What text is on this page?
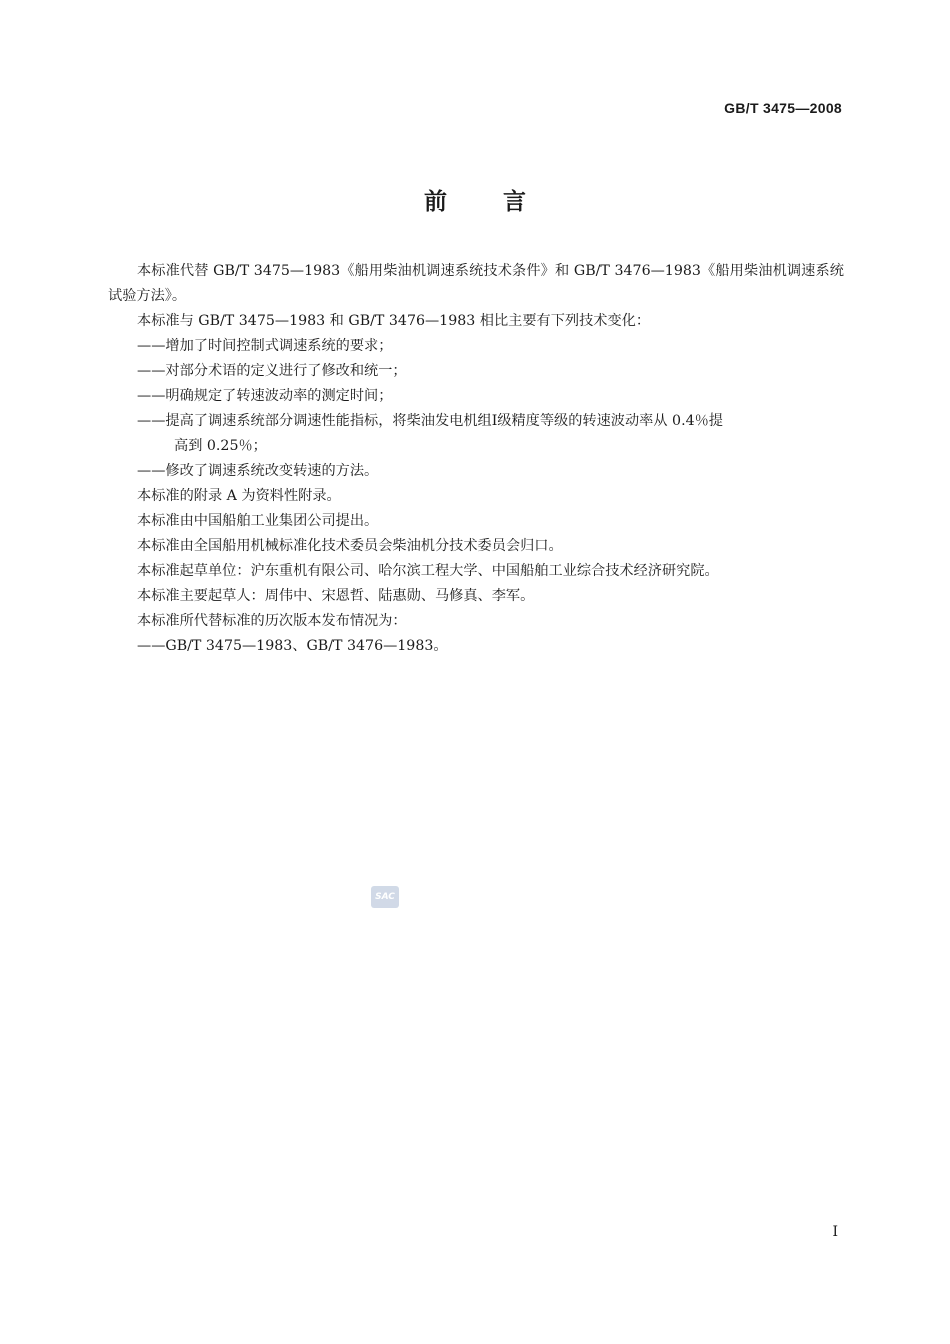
GB/T 3475—2008
前言

本标准代替 GB/T 3475—1983《船用柴油机调速系统技术条件》和 GB/T 3476—1983《船用柴油机调速系统试验方法》。

本标准与 GB/T 3475—1983 和 GB/T 3476—1983 相比主要有下列技术变化：

——增加了时间控制式调速系统的要求；

——对部分术语的定义进行了修改和统一；

——明确规定了转速波动率的测定时间；

——提高了调速系统部分调速性能指标，将柴油发电机组Ⅰ级精度等级的转速波动率从 0.4％提
高到 0.25％；

——修改了调速系统改变转速的方法。

本标准的附录 A 为资料性附录。

本标准由中国船舶工业集团公司提出。

本标准由全国船用机械标准化技术委员会柴油机分技术委员会归口。

本标准起草单位：沪东重机有限公司、哈尔滨工程大学、中国船舶工业综合技术经济研究院。

本标准主要起草人：周伟中、宋恩哲、陆惠勋、马修真、李军。

本标准所代替标准的历次版本发布情况为：

——GB/T 3475—1983、GB/T 3476—1983。

SAC
I
